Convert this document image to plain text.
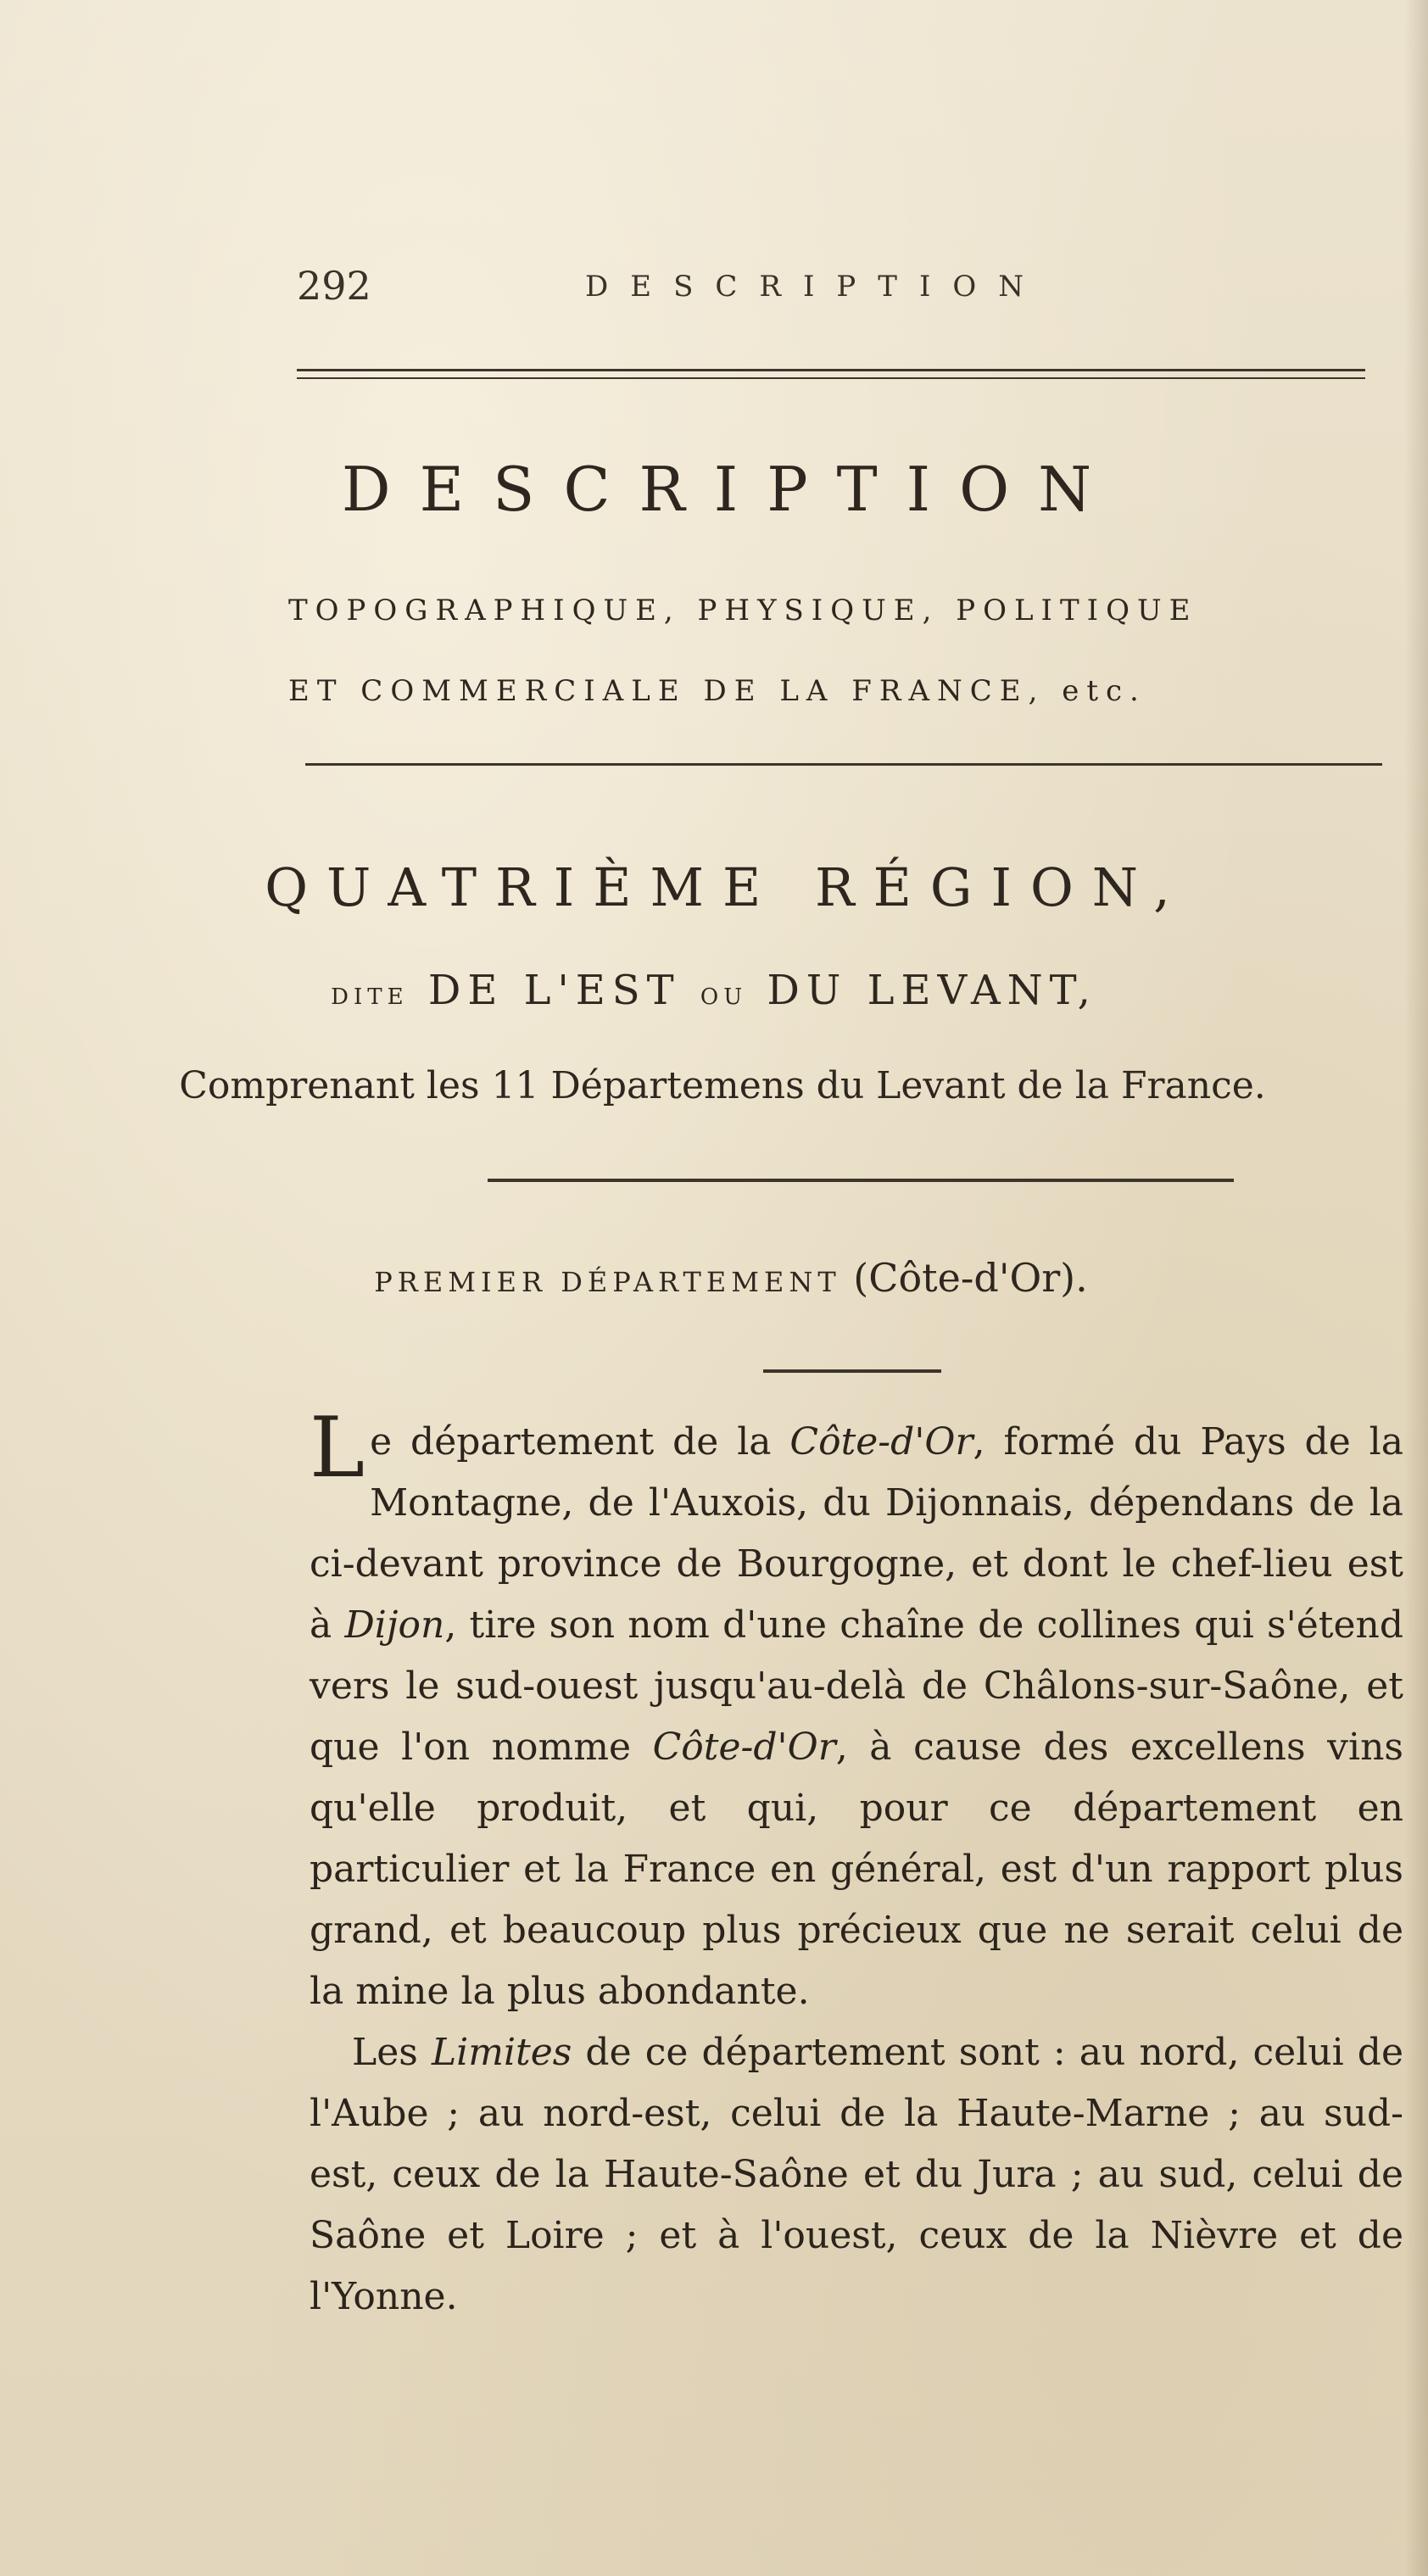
292	DESCRIPTION
DESCRIPTION
TOPOGRAPHIQUE, PHYSIQUE, POLITIQUE
ET COMMERCIALE DE LA FRANCE, etc.
QUATRIÈME RÉGION,
DITE DE L'EST OU DU LEVANT,
Comprenant les 11 Départemens du Levant de la France.
PREMIER DÉPARTEMENT (Côte-d'Or).

Le département de la Côte-d'Or, formé du Pays de la Montagne, de l'Auxois, du Dijonnais, dépendans de la ci-devant province de Bourgogne, et dont le chef-lieu est à Dijon, tire son nom d'une chaîne de collines qui s'étend vers le sud-ouest jusqu'au-delà de Châlons-sur-Saône, et que l'on nomme Côte-d'Or, à cause des excellens vins qu'elle produit, et qui, pour ce département en particulier et la France en général, est d'un rapport plus grand, et beaucoup plus précieux que ne serait celui de la mine la plus abondante.

Les Limites de ce département sont : au nord, celui de l'Aube ; au nord-est, celui de la Haute-Marne ; au sud-est, ceux de la Haute-Saône et du Jura ; au sud, celui de Saône et Loire ; et à l'ouest, ceux de la Nièvre et de l'Yonne.
